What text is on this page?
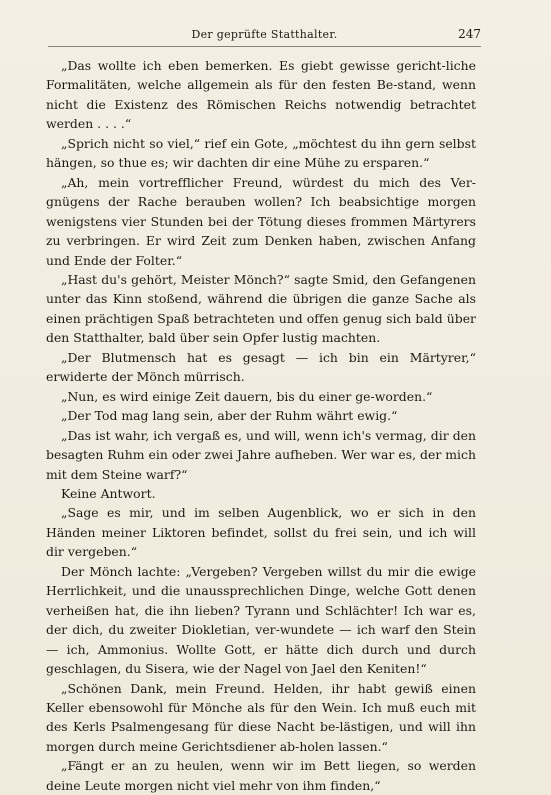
Der geprüfte Statthalter.	247

„Das wollte ich eben bemerken. Es giebt gewisse gericht-liche Formalitäten, welche allgemein als für den festen Be-stand, wenn nicht die Existenz des Römischen Reichs notwendig betrachtet werden . . . .“

„Sprich nicht so viel,“ rief ein Gote, „möchtest du ihn gern selbst hängen, so thue es; wir dachten dir eine Mühe zu ersparen.“

„Ah, mein vortrefflicher Freund, würdest du mich des Ver-gnügens der Rache berauben wollen? Ich beabsichtige morgen wenigstens vier Stunden bei der Tötung dieses frommen Märtyrers zu verbringen. Er wird Zeit zum Denken haben, zwischen Anfang und Ende der Folter.“

„Hast du's gehört, Meister Mönch?“ sagte Smid, den Gefangenen unter das Kinn stoßend, während die übrigen die ganze Sache als einen prächtigen Spaß betrachteten und offen genug sich bald über den Statthalter, bald über sein Opfer lustig machten.

„Der Blutmensch hat es gesagt — ich bin ein Märtyrer,“ erwiderte der Mönch mürrisch.

„Nun, es wird einige Zeit dauern, bis du einer ge-worden.“

„Der Tod mag lang sein, aber der Ruhm währt ewig.“

„Das ist wahr, ich vergaß es, und will, wenn ich's vermag, dir den besagten Ruhm ein oder zwei Jahre aufheben. Wer war es, der mich mit dem Steine warf?“

Keine Antwort.

„Sage es mir, und im selben Augenblick, wo er sich in den Händen meiner Liktoren befindet, sollst du frei sein, und ich will dir vergeben.“

Der Mönch lachte: „Vergeben? Vergeben willst du mir die ewige Herrlichkeit, und die unaussprechlichen Dinge, welche Gott denen verheißen hat, die ihn lieben? Tyrann und Schlächter! Ich war es, der dich, du zweiter Diokletian, ver-wundete — ich warf den Stein — ich, Ammonius. Wollte Gott, er hätte dich durch und durch geschlagen, du Sisera, wie der Nagel von Jael den Keniten!“

„Schönen Dank, mein Freund. Helden, ihr habt gewiß einen Keller ebensowohl für Mönche als für den Wein. Ich muß euch mit des Kerls Psalmengesang für diese Nacht be-lästigen, und will ihn morgen durch meine Gerichtsdiener ab-holen lassen.“

„Fängt er an zu heulen, wenn wir im Bett liegen, so werden deine Leute morgen nicht viel mehr von ihm finden,“
